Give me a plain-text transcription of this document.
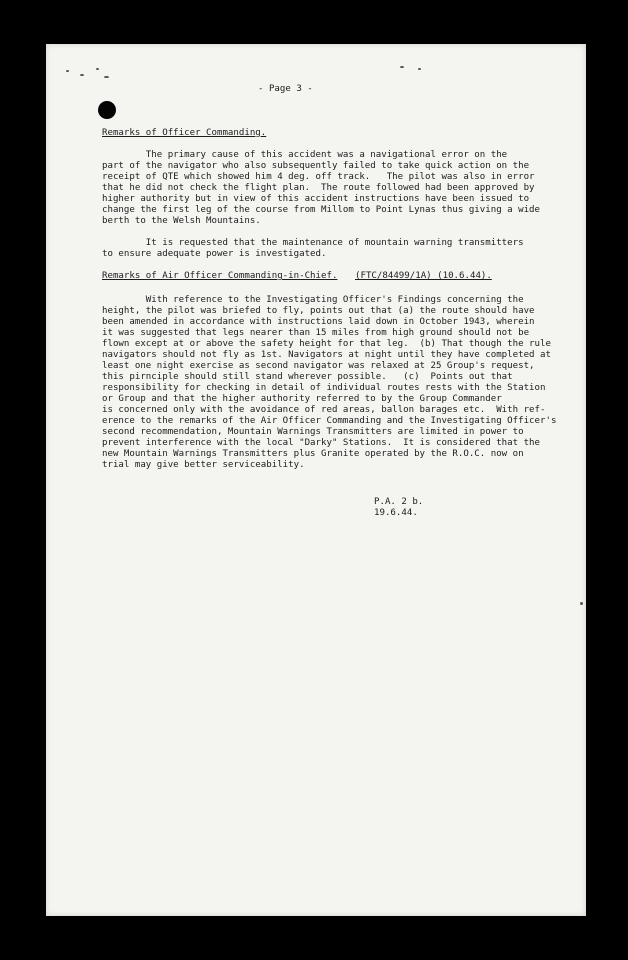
- Page 3 -
Remarks of Officer Commanding.
The primary cause of this accident was a navigational error on the
part of the navigator who also subsequently failed to take quick action on the
receipt of QTE which showed him 4 deg. off track.   The pilot was also in error
that he did not check the flight plan.  The route followed had been approved by
higher authority but in view of this accident instructions have been issued to
change the first leg of the course from Millom to Point Lynas thus giving a wide
berth to the Welsh Mountains.
It is requested that the maintenance of mountain warning transmitters
to ensure adequate power is investigated.
Remarks of Air Officer Commanding-in-Chief. (FTC/84499/1A) (10.6.44).
With reference to the Investigating Officer's Findings concerning the
height, the pilot was briefed to fly, points out that (a) the route should have
been amended in accordance with instructions laid down in October 1943, wherein
it was suggested that legs nearer than 15 miles from high ground should not be
flown except at or above the safety height for that leg.  (b) That though the rule
navigators should not fly as 1st. Navigators at night until they have completed at
least one night exercise as second navigator was relaxed at 25 Group's request,
this pirnciple should still stand wherever possible.   (c)  Points out that
responsibility for checking in detail of individual routes rests with the Station
or Group and that the higher authority referred to by the Group Commander
is concerned only with the avoidance of red areas, ballon barages etc.  With ref-
erence to the remarks of the Air Officer Commanding and the Investigating Officer's
second recommendation, Mountain Warnings Transmitters are limited in power to
prevent interference with the local "Darky" Stations.  It is considered that the
new Mountain Warnings Transmitters plus Granite operated by the R.O.C. now on
trial may give better serviceability.
P.A. 2 b.
19.6.44.
